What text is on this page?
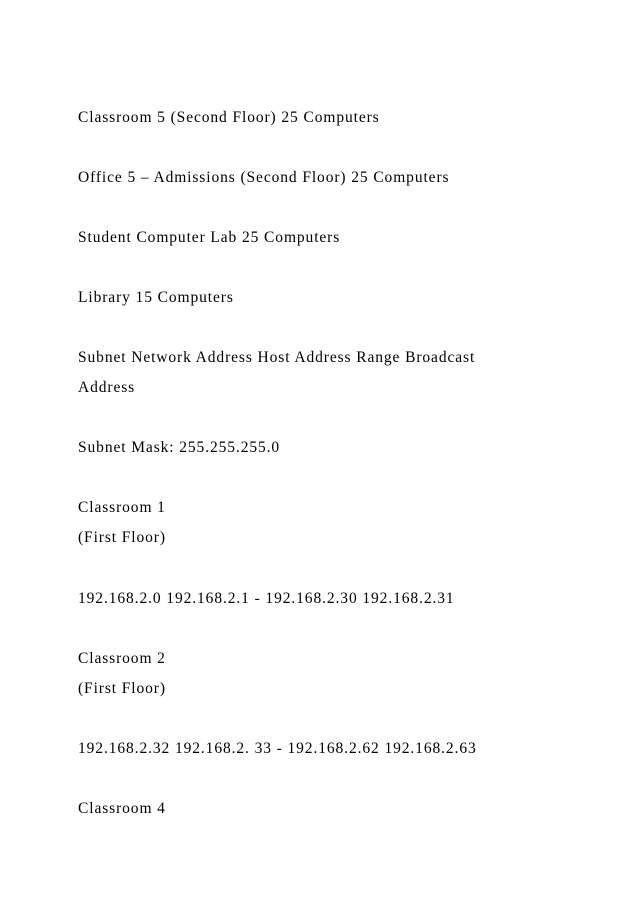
Classroom 5 (Second Floor) 25 Computers

Office 5 – Admissions (Second Floor) 25 Computers

Student Computer Lab 25 Computers

Library 15 Computers

Subnet Network Address Host Address Range Broadcast

Address

Subnet Mask: 255.255.255.0

Classroom 1

(First Floor)

192.168.2.0 192.168.2.1 - 192.168.2.30 192.168.2.31

Classroom 2

(First Floor)

192.168.2.32 192.168.2. 33 - 192.168.2.62 192.168.2.63

Classroom 4
